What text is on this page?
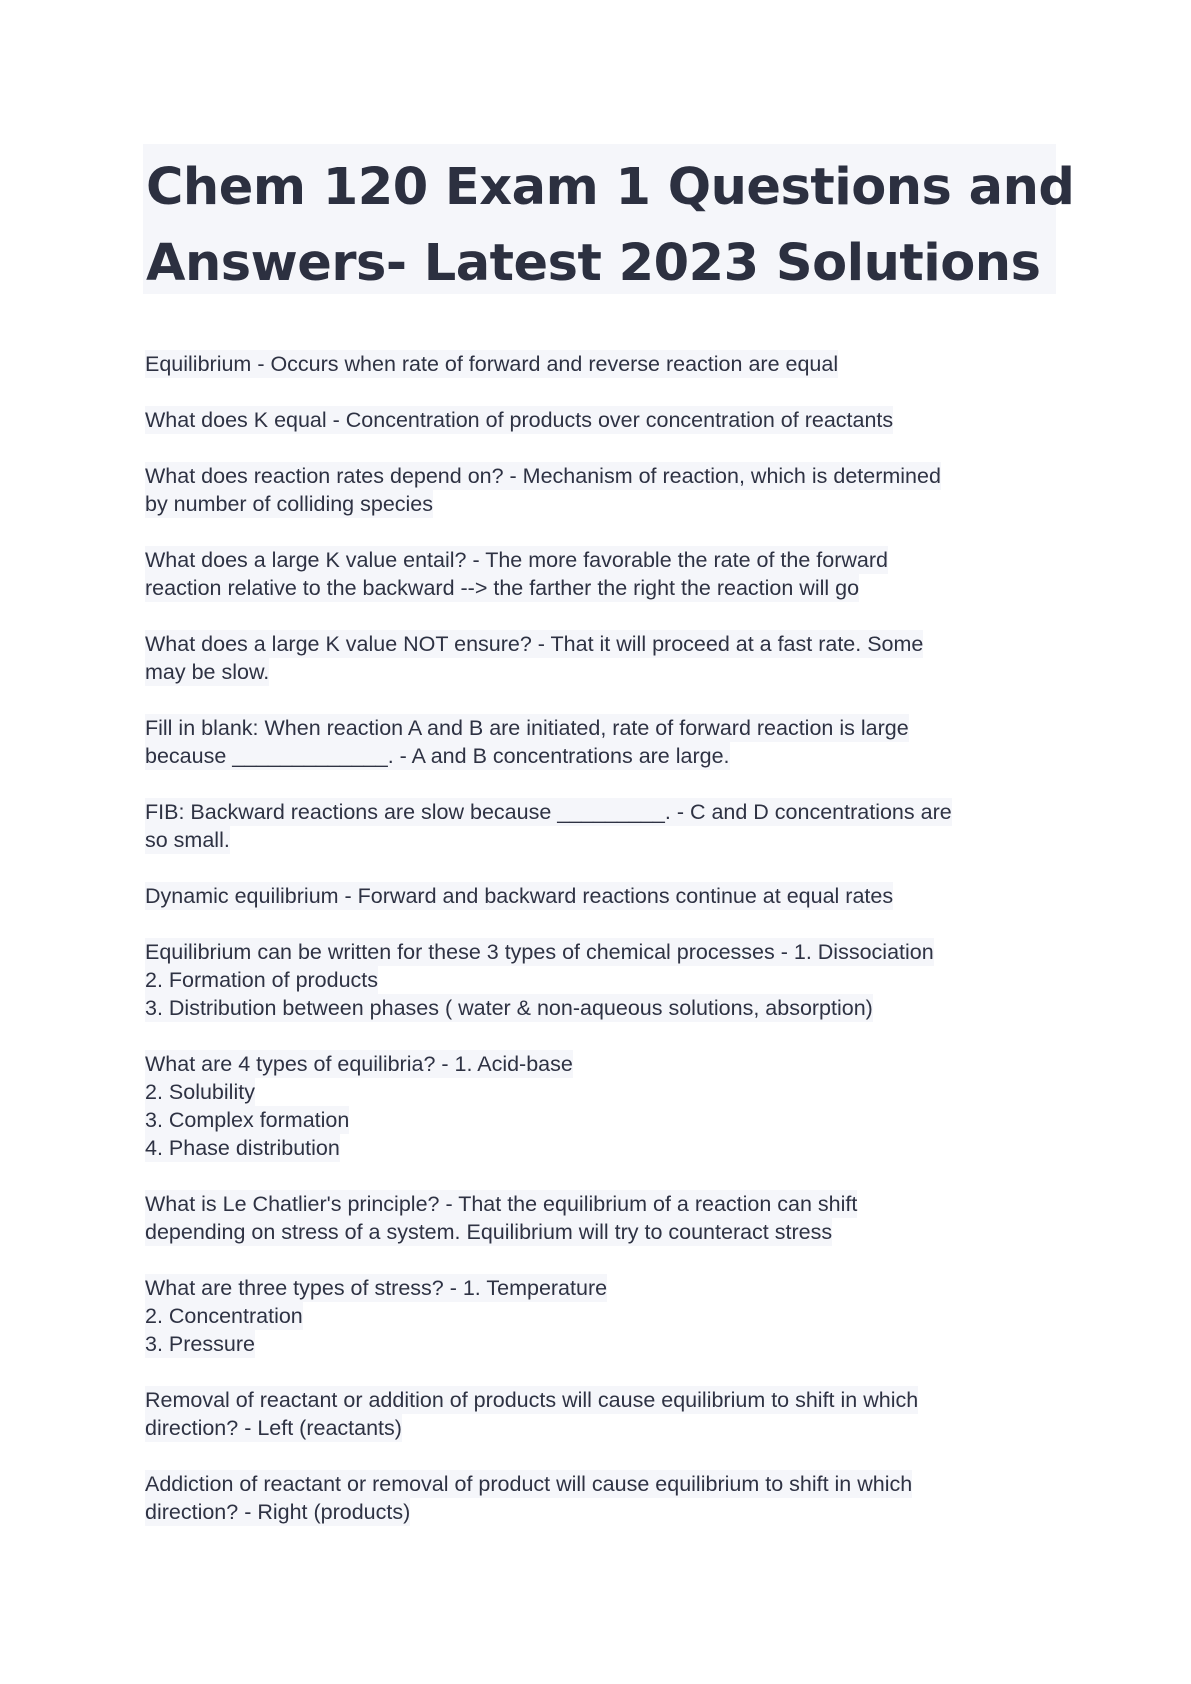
Chem 120 Exam 1 Questions and
Answers- Latest 2023 Solutions
Equilibrium - Occurs when rate of forward and reverse reaction are equal
What does K equal - Concentration of products over concentration of reactants
What does reaction rates depend on? - Mechanism of reaction, which is determined
by number of colliding species
What does a large K value entail? - The more favorable the rate of the forward
reaction relative to the backward --> the farther the right the reaction will go
What does a large K value NOT ensure? - That it will proceed at a fast rate. Some
may be slow.
Fill in blank: When reaction A and B are initiated, rate of forward reaction is large
because _____________. - A and B concentrations are large.
FIB: Backward reactions are slow because _________. - C and D concentrations are
so small.
Dynamic equilibrium - Forward and backward reactions continue at equal rates
Equilibrium can be written for these 3 types of chemical processes - 1. Dissociation
2. Formation of products
3. Distribution between phases ( water & non-aqueous solutions, absorption)
What are 4 types of equilibria? - 1. Acid-base
2. Solubility
3. Complex formation
4. Phase distribution
What is Le Chatlier's principle? - That the equilibrium of a reaction can shift
depending on stress of a system. Equilibrium will try to counteract stress
What are three types of stress? - 1. Temperature
2. Concentration
3. Pressure
Removal of reactant or addition of products will cause equilibrium to shift in which
direction? - Left (reactants)
Addiction of reactant or removal of product will cause equilibrium to shift in which
direction? - Right (products)
